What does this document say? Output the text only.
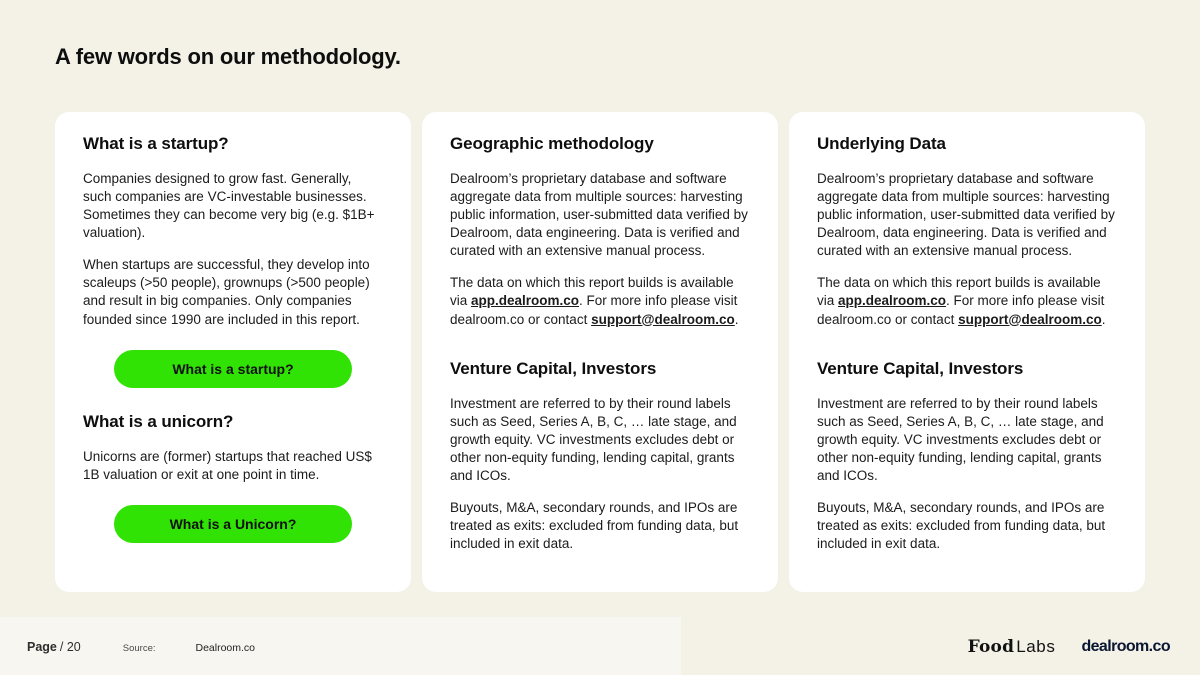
A few words on our methodology.
What is a startup?

Companies designed to grow fast. Generally, such companies are VC-investable businesses. Sometimes they can become very big (e.g. $1B+ valuation).

When startups are successful, they develop into scaleups (>50 people), grownups (>500 people) and result in big companies. Only companies founded since 1990 are included in this report.

What is a startup?
What is a unicorn?

Unicorns are (former) startups that reached US$ 1B valuation or exit at one point in time.

What is a Unicorn?
Geographic methodology

Dealroom’s proprietary database and software aggregate data from multiple sources: harvesting public information, user-submitted data verified by Dealroom, data engineering. Data is verified and curated with an extensive manual process.

The data on which this report builds is available via app.dealroom.co. For more info please visit dealroom.co or contact support@dealroom.co.

Venture Capital, Investors

Investment are referred to by their round labels such as Seed, Series A, B, C, … late stage, and growth equity. VC investments excludes debt or other non-equity funding, lending capital, grants and ICOs.

Buyouts, M&A, secondary rounds, and IPOs are treated as exits: excluded from funding data, but included in exit data.

Underlying Data

Dealroom’s proprietary database and software aggregate data from multiple sources: harvesting public information, user-submitted data verified by Dealroom, data engineering. Data is verified and curated with an extensive manual process.

The data on which this report builds is available via app.dealroom.co. For more info please visit dealroom.co or contact support@dealroom.co.

Venture Capital, Investors

Investment are referred to by their round labels such as Seed, Series A, B, C, … late stage, and growth equity. VC investments excludes debt or other non-equity funding, lending capital, grants and ICOs.

Buyouts, M&A, secondary rounds, and IPOs are treated as exits: excluded from funding data, but included in exit data.

Page / 20	Source:	Dealroom.co	Food Labs dealroom.co
